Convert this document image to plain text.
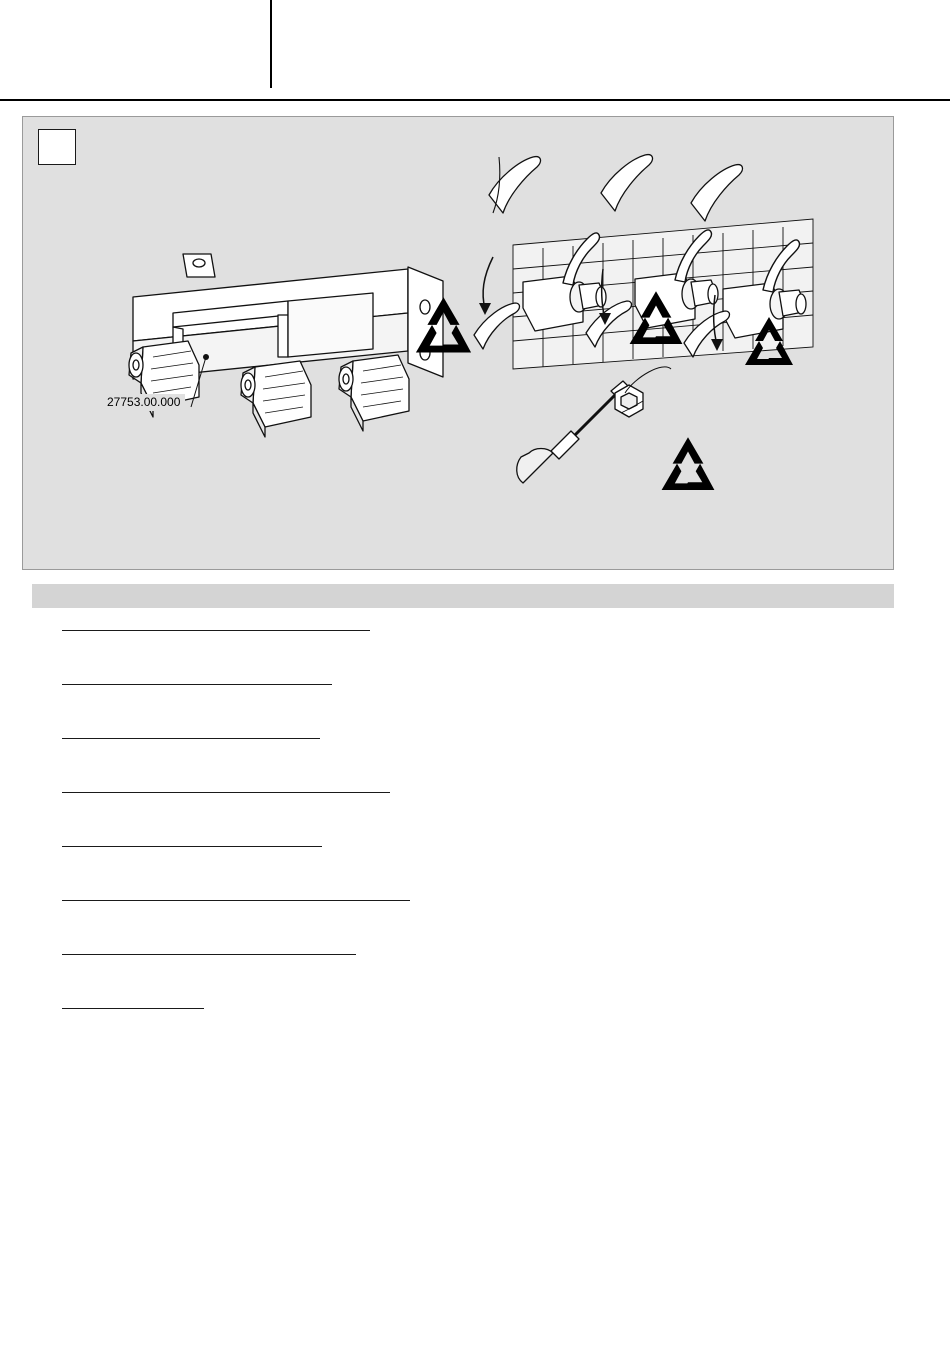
27753.00.000
